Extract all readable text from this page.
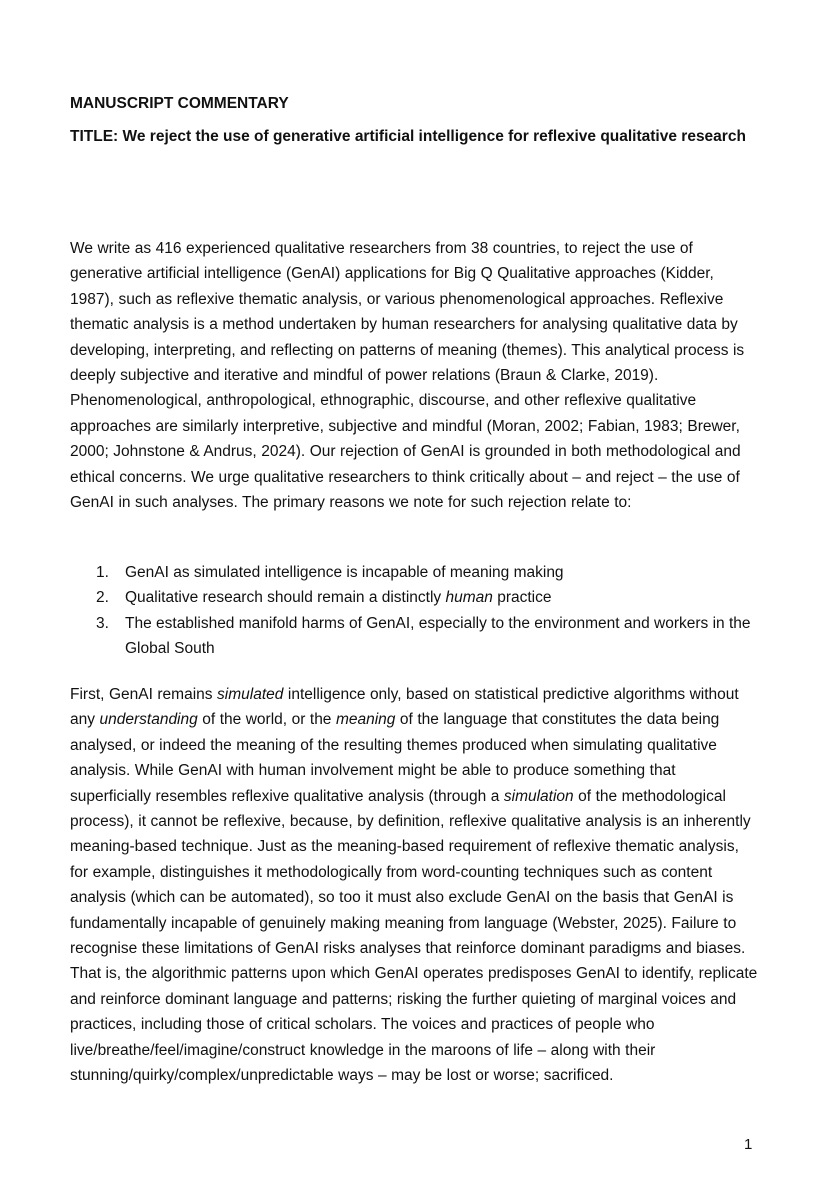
MANUSCRIPT COMMENTARY

TITLE: We reject the use of generative artificial intelligence for reflexive qualitative research

We write as 416 experienced qualitative researchers from 38 countries, to reject the use of generative artificial intelligence (GenAI) applications for Big Q Qualitative approaches (Kidder, 1987), such as reflexive thematic analysis, or various phenomenological approaches. Reflexive thematic analysis is a method undertaken by human researchers for analysing qualitative data by developing, interpreting, and reflecting on patterns of meaning (themes). This analytical process is deeply subjective and iterative and mindful of power relations (Braun & Clarke, 2019). Phenomenological, anthropological, ethnographic, discourse, and other reflexive qualitative approaches are similarly interpretive, subjective and mindful (Moran, 2002; Fabian, 1983; Brewer, 2000; Johnstone & Andrus, 2024). Our rejection of GenAI is grounded in both methodological and ethical concerns. We urge qualitative researchers to think critically about – and reject – the use of GenAI in such analyses. The primary reasons we note for such rejection relate to:

1. GenAI as simulated intelligence is incapable of meaning making
2. Qualitative research should remain a distinctly human practice
3. The established manifold harms of GenAI, especially to the environment and workers in the Global South

First, GenAI remains simulated intelligence only, based on statistical predictive algorithms without any understanding of the world, or the meaning of the language that constitutes the data being analysed, or indeed the meaning of the resulting themes produced when simulating qualitative analysis. While GenAI with human involvement might be able to produce something that superficially resembles reflexive qualitative analysis (through a simulation of the methodological process), it cannot be reflexive, because, by definition, reflexive qualitative analysis is an inherently meaning-based technique. Just as the meaning-based requirement of reflexive thematic analysis, for example, distinguishes it methodologically from word-counting techniques such as content analysis (which can be automated), so too it must also exclude GenAI on the basis that GenAI is fundamentally incapable of genuinely making meaning from language (Webster, 2025). Failure to recognise these limitations of GenAI risks analyses that reinforce dominant paradigms and biases. That is, the algorithmic patterns upon which GenAI operates predisposes GenAI to identify, replicate and reinforce dominant language and patterns; risking the further quieting of marginal voices and practices, including those of critical scholars. The voices and practices of people who live/breathe/feel/imagine/construct knowledge in the maroons of life – along with their stunning/quirky/complex/unpredictable ways – may be lost or worse; sacrificed.

1
